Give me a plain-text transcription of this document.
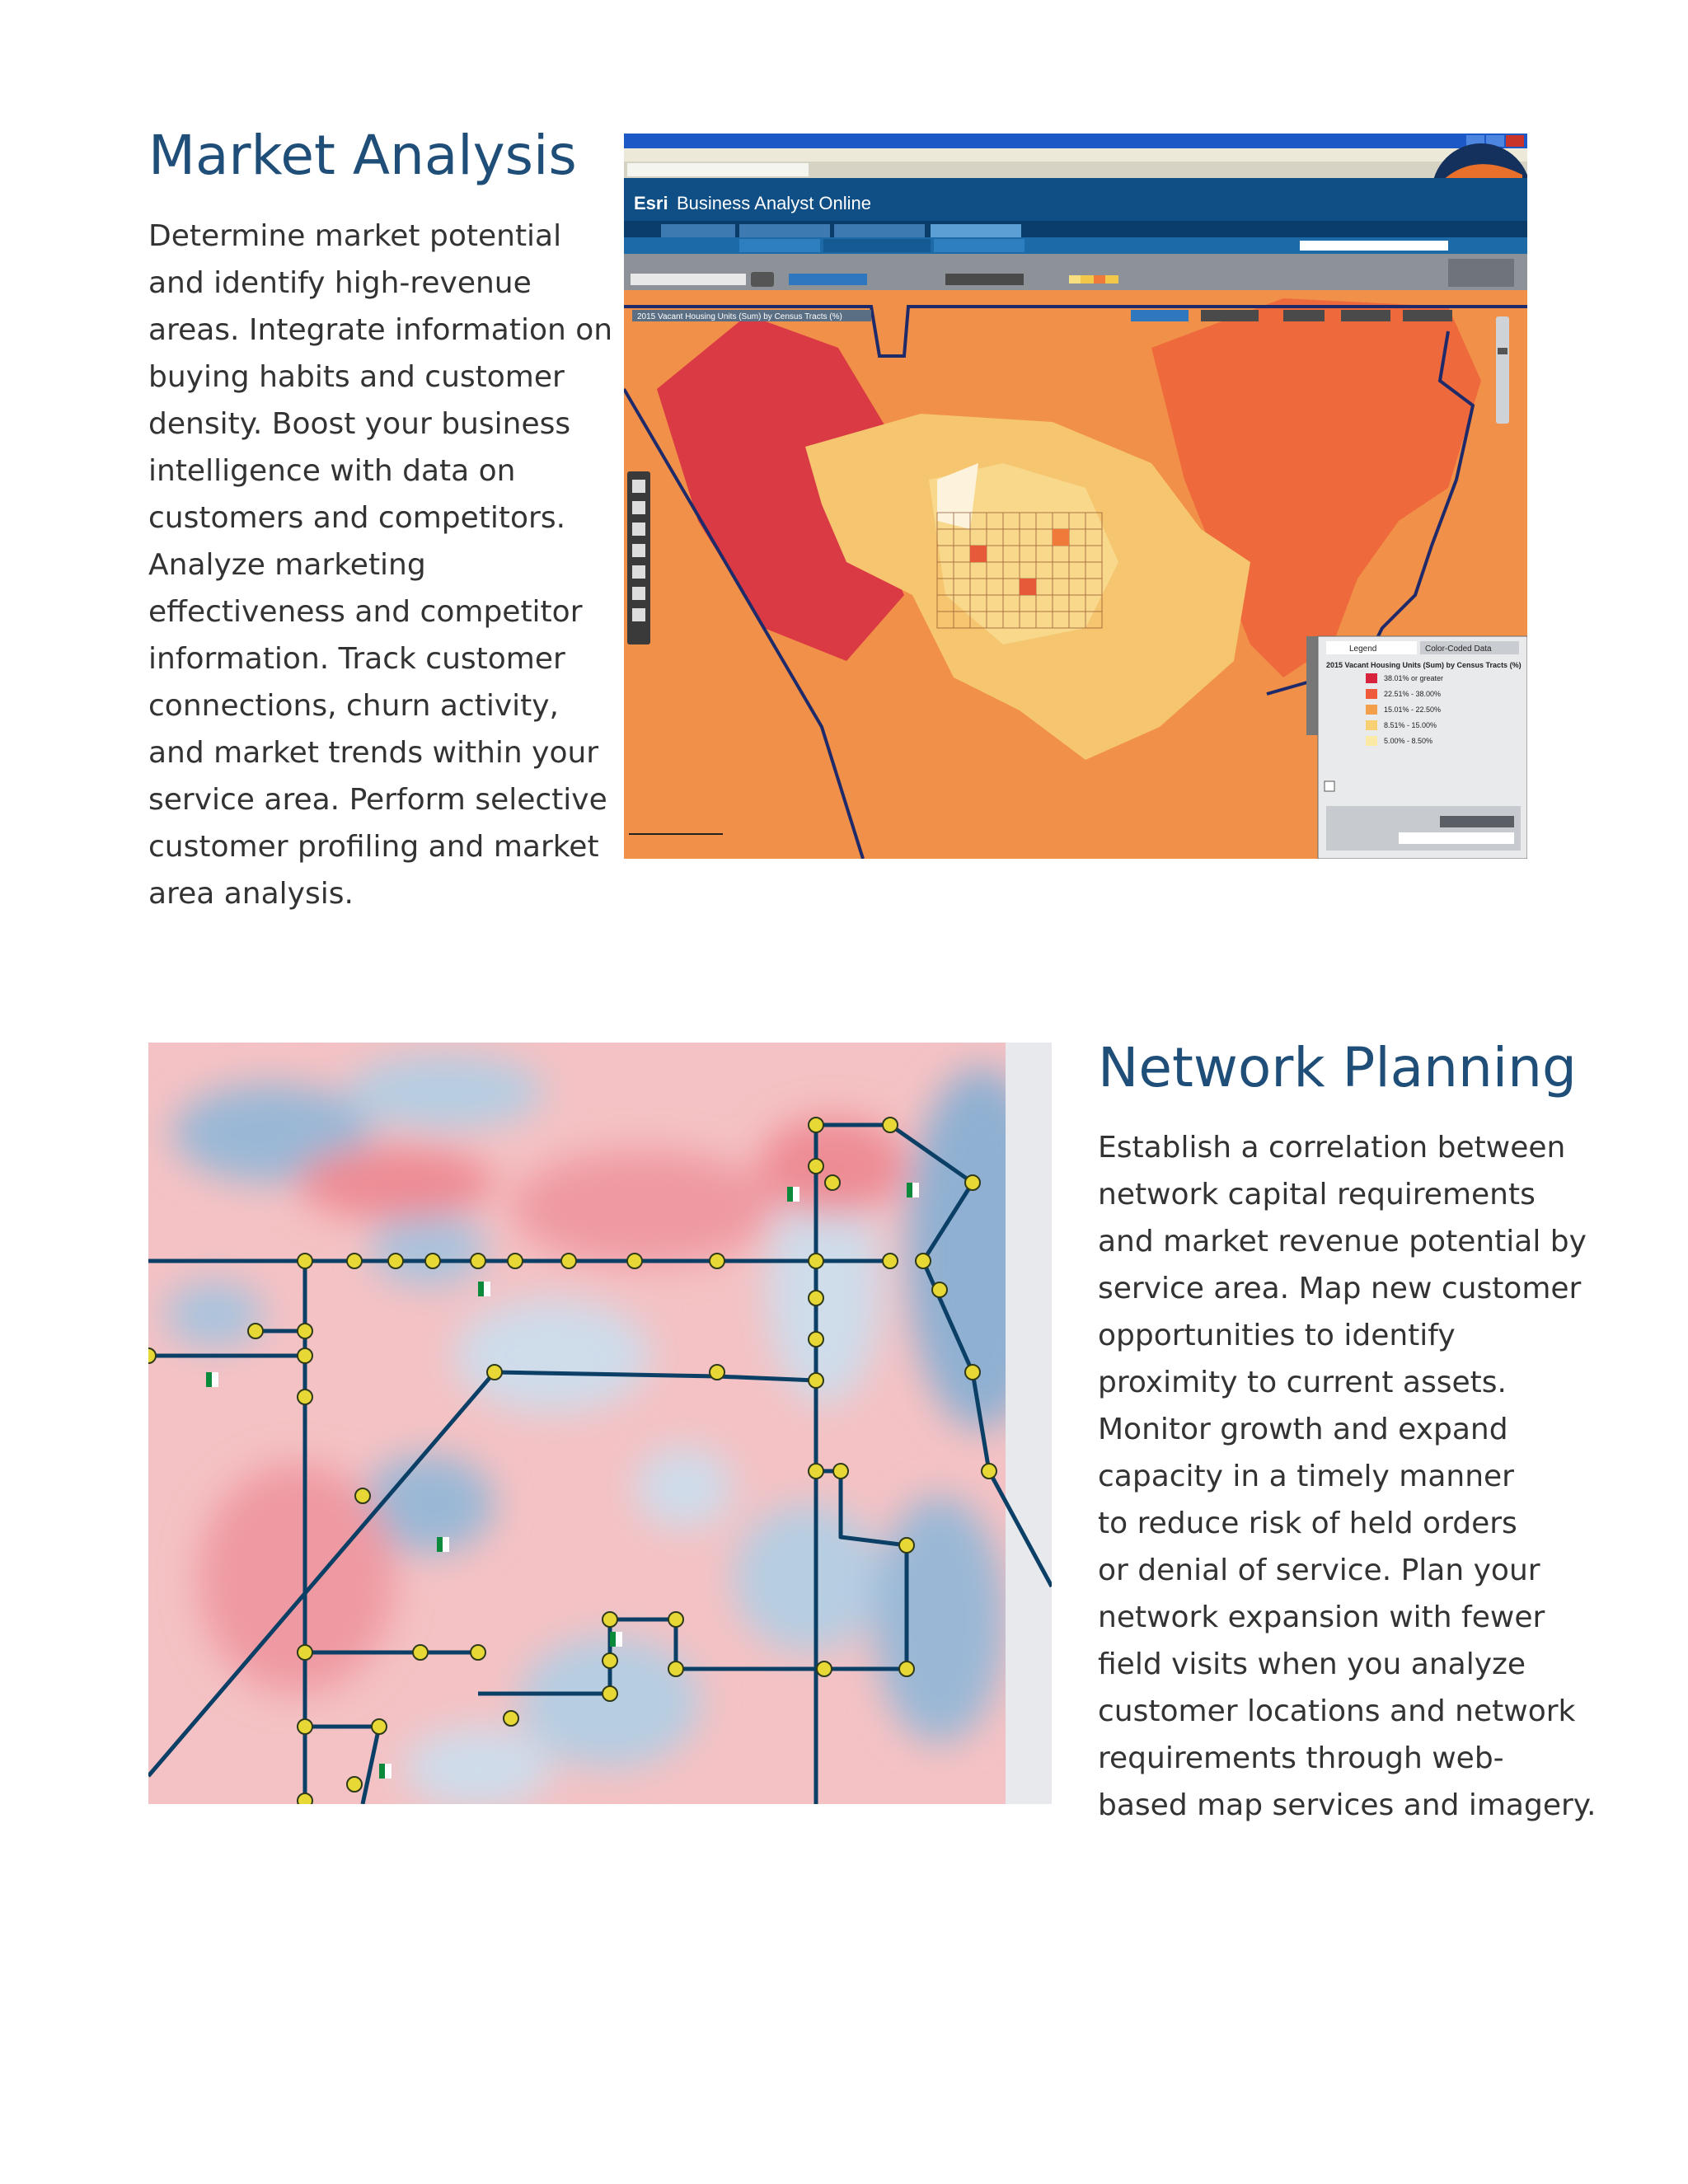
Market Analysis
Determine market potential
and identify high-revenue
areas. Integrate information on
buying habits and customer
density. Boost your business
intelligence with data on
customers and competitors.
Analyze marketing
effectiveness and competitor
information. Track customer
connections, churn activity,
and market trends within your
service area. Perform selective
customer profiling and market
area analysis.
Esri Business Analyst Online
2015 Vacant Housing Units (Sum) by Census Tracts (%)
Legend	Color-Coded Data
2015 Vacant Housing Units (Sum) by Census Tracts (%)
38.01% or greater
22.51% - 38.00%
15.01% - 22.50%
8.51% - 15.00%
5.00% - 8.50%
Network Planning
Establish a correlation between
network capital requirements
and market revenue potential by
service area. Map new customer
opportunities to identify
proximity to current assets.
Monitor growth and expand
capacity in a timely manner
to reduce risk of held orders
or denial of service. Plan your
network expansion with fewer
field visits when you analyze
customer locations and network
requirements through web-
based map services and imagery.
